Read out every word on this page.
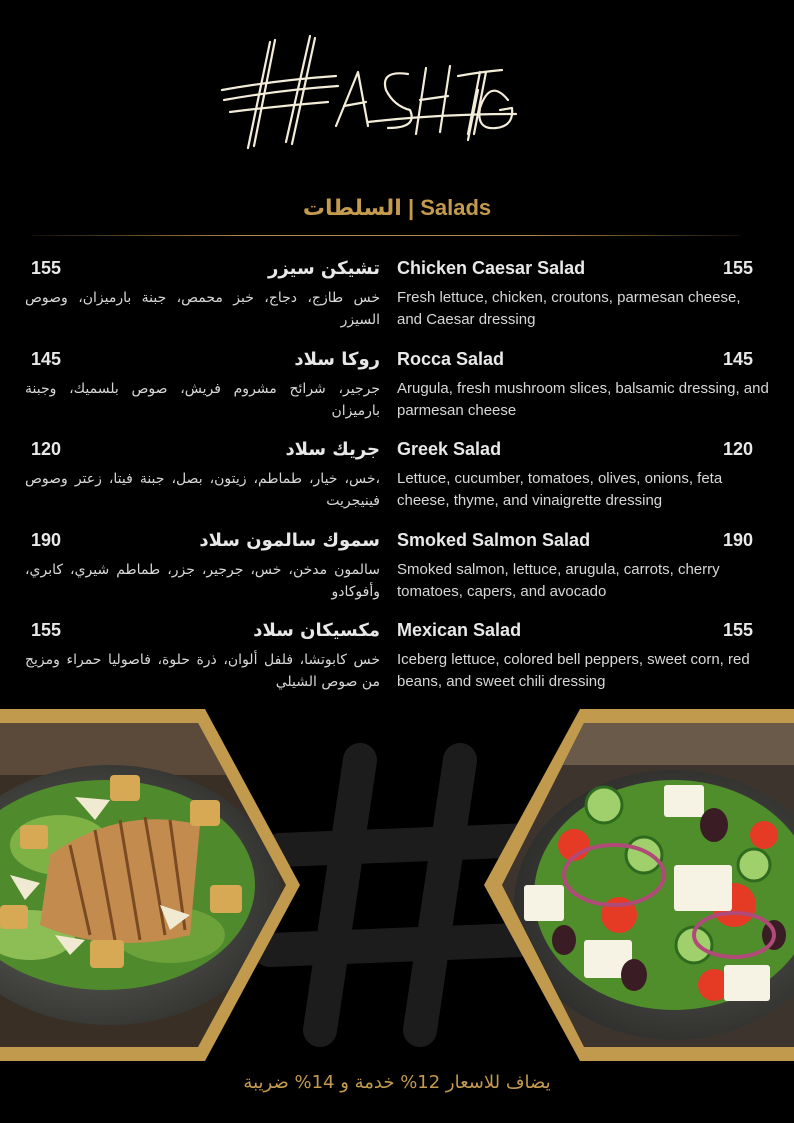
السلطات | Salads
155	تشيكن سيزر
خس طازج، دجاج، خبز محمص، جبنة بارميزان، وصوص السيزر
Chicken Caesar Salad	155
Fresh lettuce, chicken, croutons, parmesan cheese, and Caesar dressing
145	روكا سلاد
جرجير، شرائح مشروم فريش، صوص بلسميك، وجبنة بارميزان
Rocca Salad	145
Arugula, fresh mushroom slices, balsamic dressing, and parmesan cheese
120	جريك سلاد
،خس، خيار، طماطم، زيتون، بصل، جبنة فيتا، زعتر وصوص فينيجريت
Greek Salad	120
Lettuce, cucumber, tomatoes, olives, onions, feta cheese, thyme, and vinaigrette dressing
190	سموك سالمون سلاد
سالمون مدخن، خس، جرجير، جزر، طماطم شيري، كابري، وأفوكادو
Smoked Salmon Salad	190
Smoked salmon, lettuce, arugula, carrots, cherry tomatoes, capers, and avocado
155	مكسيكان سلاد
خس كابوتشا، فلفل ألوان، ذرة حلوة، فاصوليا حمراء ومزيج من صوص الشيلي
Mexican Salad	155
Iceberg lettuce, colored bell peppers, sweet corn, red beans, and sweet chili dressing
يضاف للاسعار 12% خدمة و 14% ضريبة
